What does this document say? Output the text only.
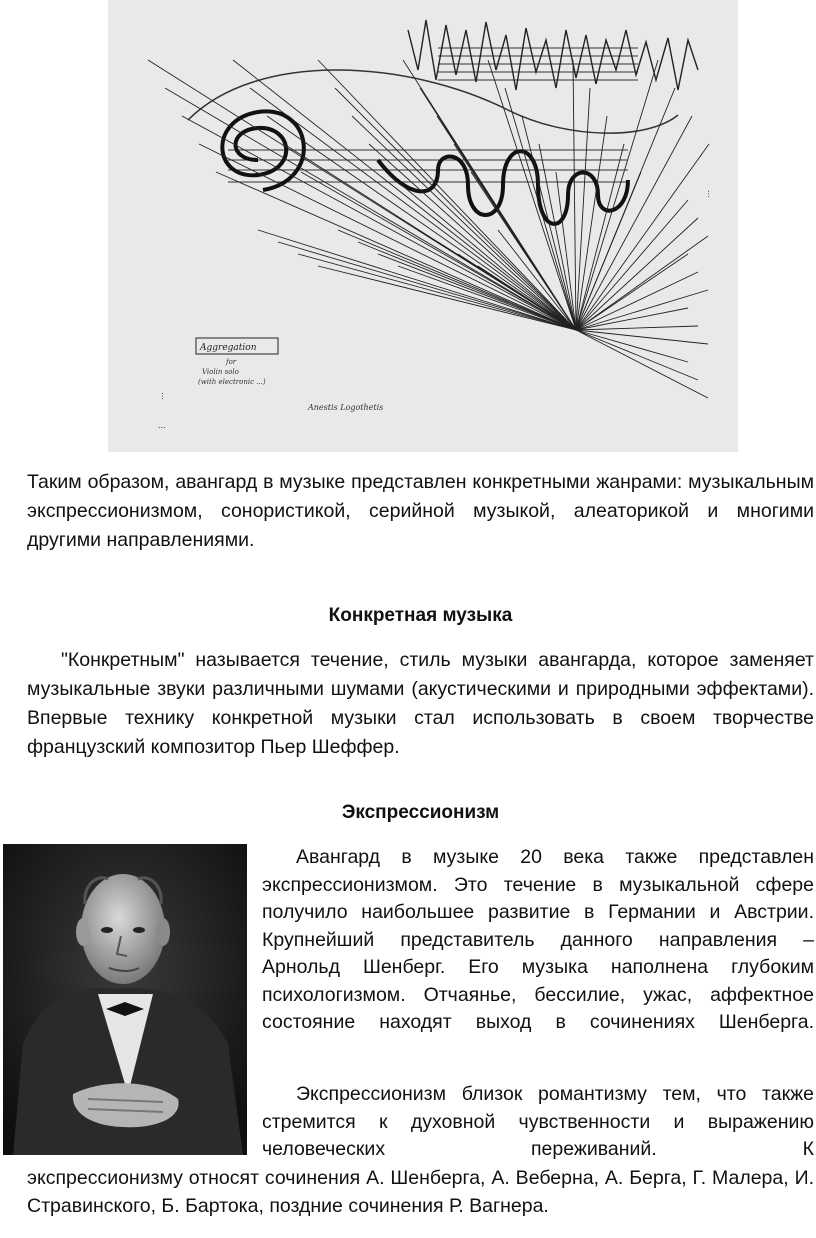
Aggregation
for
Violin solo
(with electronic ...)
Anestis Logothetis
...
...
...

Таким образом, авангард в музыке представлен конкретными жанрами: музыкальным экспрессионизмом, сонористикой, серийной музыкой, алеаторикой и многими другими направлениями.

Конкретная музыка

"Конкретным" называется течение, стиль музыки авангарда, которое заменяет музыкальные звуки различными шумами (акустическими и природными эффектами). Впервые технику конкретной музыки стал использовать в своем творчестве французский композитор Пьер Шеффер.

Экспрессионизм

Авангард в музыке 20 века также представлен экспрессионизмом. Это течение в музыкальной сфере получило наибольшее развитие в Германии и Австрии. Крупнейший представитель данного направления – Арнольд Шенберг. Его музыка наполнена глубоким психологизмом. Отчаянье, бессилие, ужас, аффектное состояние находят выход в сочинениях Шенберга.

Экспрессионизм близок романтизму тем, что также стремится к духовной чувственности и выражению человеческих переживаний. К

экспрессионизму относят сочинения А. Шенберга, А. Веберна, А. Берга, Г. Малера, И. Стравинского, Б. Бартока, поздние сочинения Р. Вагнера.
